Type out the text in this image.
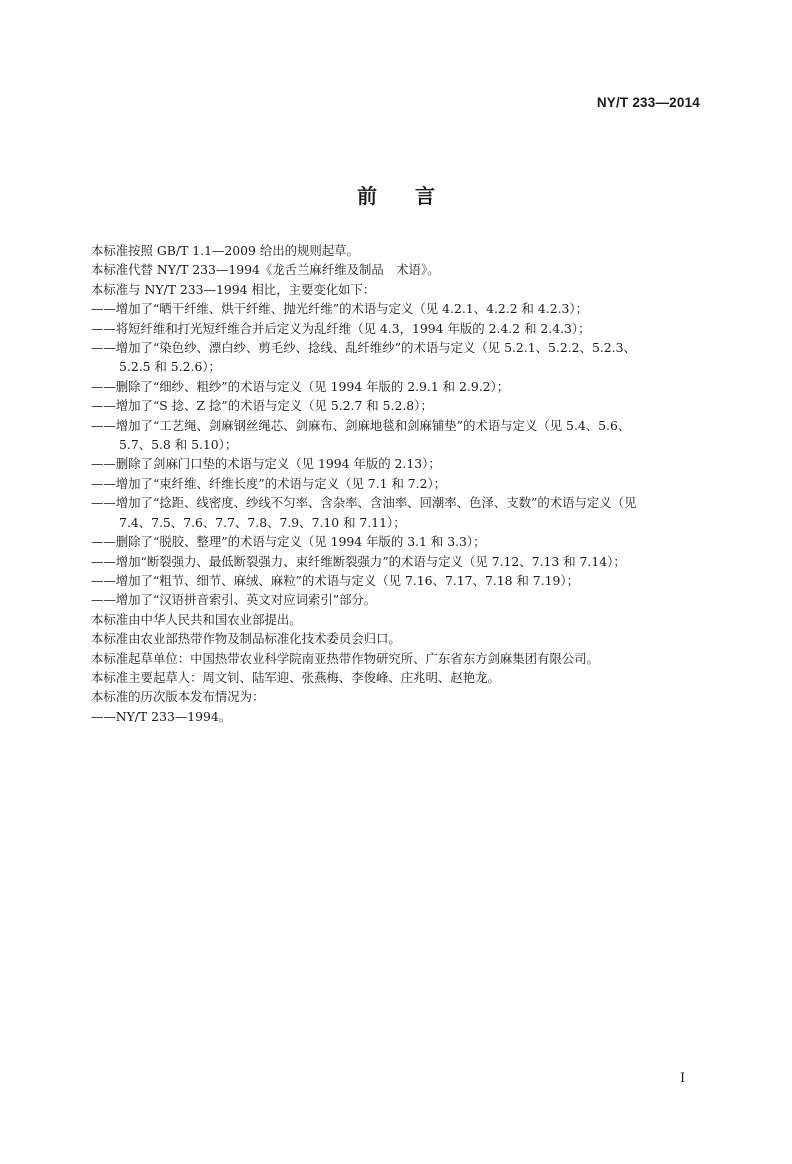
NY/T 233—2014
前言
本标准按照 GB/T 1.1—2009 给出的规则起草。
本标准代替 NY/T 233—1994《龙舌兰麻纤维及制品　术语》。
本标准与 NY/T 233—1994 相比，主要变化如下：
——增加了“晒干纤维、烘干纤维、抛光纤维”的术语与定义（见 4.2.1、4.2.2 和 4.2.3）；
——将短纤维和打光短纤维合并后定义为乱纤维（见 4.3，1994 年版的 2.4.2 和 2.4.3）；
——增加了“染色纱、漂白纱、剪毛纱、捻线、乱纤维纱”的术语与定义（见 5.2.1、5.2.2、5.2.3、
5.2.5 和 5.2.6）；
——删除了“细纱、粗纱”的术语与定义（见 1994 年版的 2.9.1 和 2.9.2）；
——增加了“S 捻、Z 捻”的术语与定义（见 5.2.7 和 5.2.8）；
——增加了“工艺绳、剑麻钢丝绳芯、剑麻布、剑麻地毯和剑麻铺垫”的术语与定义（见 5.4、5.6、
5.7、5.8 和 5.10）；
——删除了剑麻门口垫的术语与定义（见 1994 年版的 2.13）；
——增加了“束纤维、纤维长度”的术语与定义（见 7.1 和 7.2）；
——增加了“捻距、线密度、纱线不匀率、含杂率、含油率、回潮率、色泽、支数”的术语与定义（见
7.4、7.5、7.6、7.7、7.8、7.9、7.10 和 7.11）；
——删除了“脱胶、整理”的术语与定义（见 1994 年版的 3.1 和 3.3）；
——增加“断裂强力、最低断裂强力、束纤维断裂强力”的术语与定义（见 7.12、7.13 和 7.14）；
——增加了“粗节、细节、麻绒、麻粒”的术语与定义（见 7.16、7.17、7.18 和 7.19）；
——增加了“汉语拼音索引、英文对应词索引”部分。
本标准由中华人民共和国农业部提出。
本标准由农业部热带作物及制品标准化技术委员会归口。
本标准起草单位：中国热带农业科学院南亚热带作物研究所、广东省东方剑麻集团有限公司。
本标准主要起草人：周文钊、陆军迎、张燕梅、李俊峰、庄兆明、赵艳龙。
本标准的历次版本发布情况为：
——NY/T 233—1994。
I
